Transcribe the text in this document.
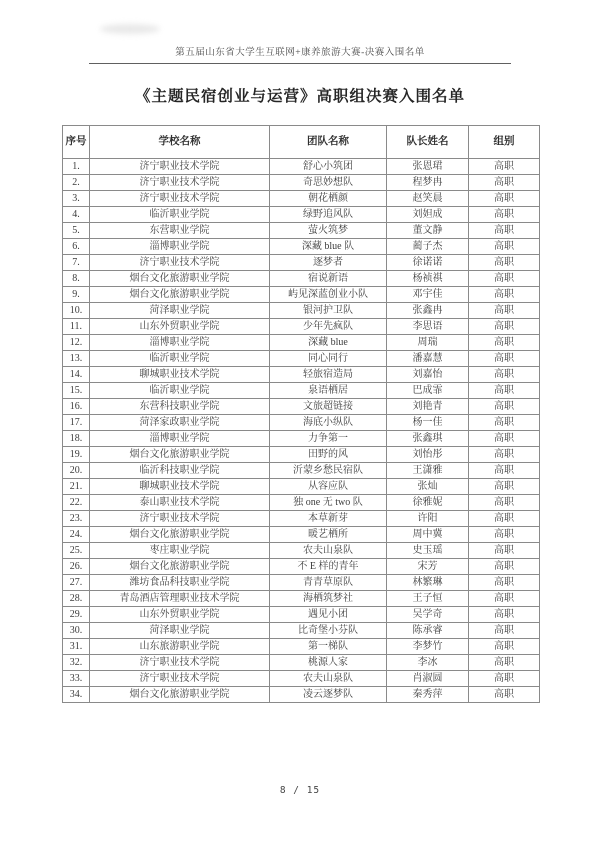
第五届山东省大学生互联网+康养旅游大赛-决赛入围名单
《主题民宿创业与运营》高职组决赛入围名单
序号	学校名称	团队名称	队长姓名	组别
1.	济宁职业技术学院	舒心小筑团	张恩珺	高职
2.	济宁职业技术学院	奇思妙想队	程梦冉	高职
3.	济宁职业技术学院	朝花栖颜	赵笑晨	高职
4.	临沂职业学院	绿野追风队	刘妲成	高职
5.	东营职业学院	萤火筑梦	董文静	高职
6.	淄博职业学院	深藏 blue 队	蔺子杰	高职
7.	济宁职业技术学院	逐梦者	徐诺诺	高职
8.	烟台文化旅游职业学院	宿说新语	杨祯祺	高职
9.	烟台文化旅游职业学院	屿见深蓝创业小队	邓宇佳	高职
10.	菏泽职业学院	银河护卫队	张鑫冉	高职
11.	山东外贸职业学院	少年先疯队	李思语	高职
12.	淄博职业学院	深藏 blue	周瑞	高职
13.	临沂职业学院	同心同行	潘嘉慧	高职
14.	聊城职业技术学院	轻旅宿造局	刘嘉怡	高职
15.	临沂职业学院	泉语栖居	巴成霏	高职
16.	东营科技职业学院	文旅超链接	刘艳青	高职
17.	菏泽家政职业学院	海底小纵队	杨一佳	高职
18.	淄博职业学院	力争第一	张鑫琪	高职
19.	烟台文化旅游职业学院	田野的风	刘怡彤	高职
20.	临沂科技职业学院	沂蒙乡愁民宿队	王潇雅	高职
21.	聊城职业技术学院	从容应队	张灿	高职
22.	泰山职业技术学院	独 one 无 two 队	徐雅妮	高职
23.	济宁职业技术学院	本草新芽	许阳	高职
24.	烟台文化旅游职业学院	暖艺栖所	周中冀	高职
25.	枣庄职业学院	农夫山泉队	史玉瑶	高职
26.	烟台文化旅游职业学院	不 E 样的青年	宋芳	高职
27.	潍坊食品科技职业学院	青青草原队	林繁琳	高职
28.	青岛酒店管理职业技术学院	海栖筑梦社	王子恒	高职
29.	山东外贸职业学院	遇见小团	吴学奇	高职
30.	菏泽职业学院	比奇堡小芬队	陈承睿	高职
31.	山东旅游职业学院	第一梯队	李梦竹	高职
32.	济宁职业技术学院	桃源人家	李冰	高职
33.	济宁职业技术学院	农夫山泉队	肖淑圆	高职
34.	烟台文化旅游职业学院	凌云逐梦队	秦秀萍	高职
8 / 15
